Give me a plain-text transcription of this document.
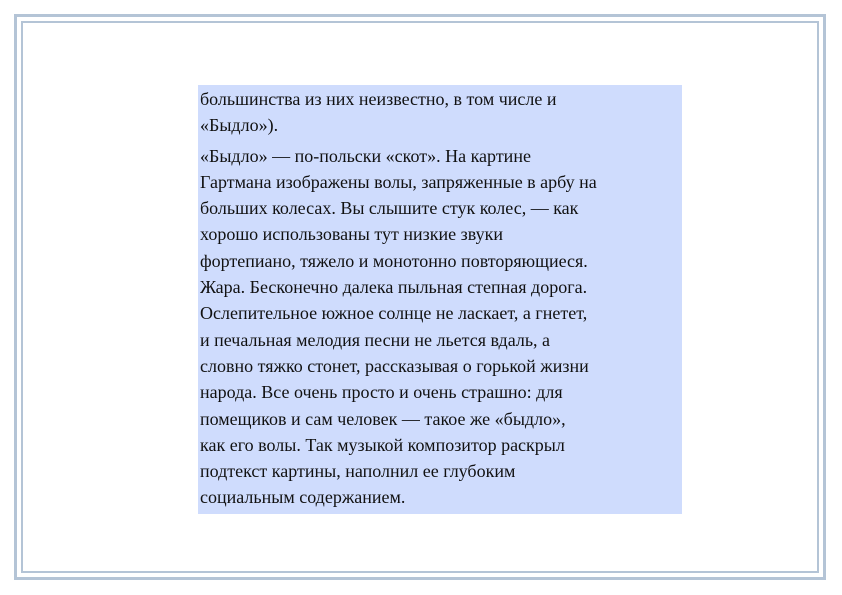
большинства из них неизвестно, в том числе и
«Быдло»).

«Быдло» — по-польски «скот». На картине
Гартмана изображены волы, запряженные в арбу на
больших колесах. Вы слышите стук колес, — как
хорошо использованы тут низкие звуки
фортепиано, тяжело и монотонно повторяющиеся.
Жара. Бесконечно далека пыльная степная дорога.
Ослепительное южное солнце не ласкает, а гнетет,
и печальная мелодия песни не льется вдаль, а
словно тяжко стонет, рассказывая о горькой жизни
народа. Все очень просто и очень страшно: для
помещиков и сам человек — такое же «быдло»,
как его волы. Так музыкой композитор раскрыл
подтекст картины, наполнил ее глубоким
социальным содержанием.
